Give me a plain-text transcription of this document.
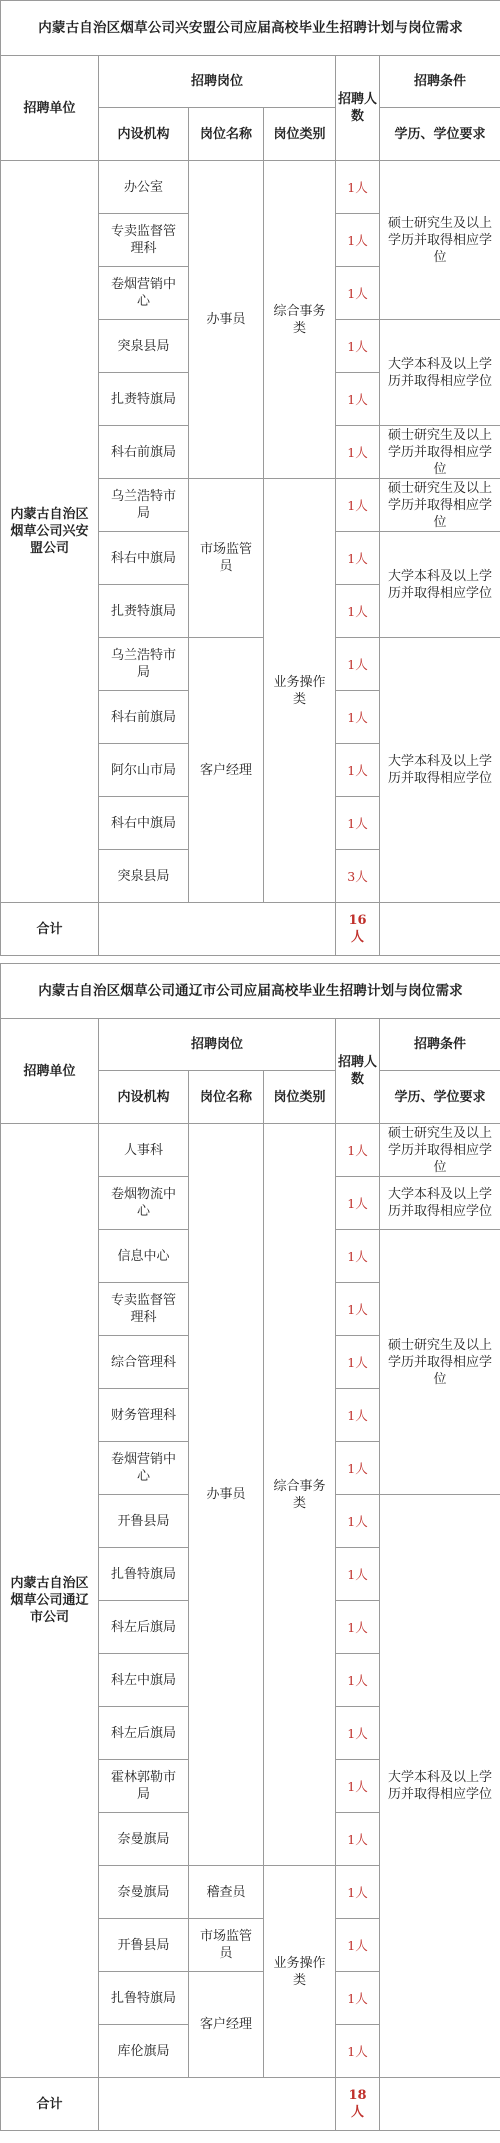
内蒙古自治区烟草公司兴安盟公司应届高校毕业生招聘计划与岗位需求					
招聘单位	招聘岗位			招聘人数	招聘条件
	内设机构	岗位名称	岗位类别		学历、学位要求
内蒙古自治区烟草公司兴安盟公司	办公室	办事员	综合事务类	1人	硕士研究生及以上学历并取得相应学位
	专卖监督管理科			1人	
	卷烟营销中心			1人	
	突泉县局			1人	大学本科及以上学历并取得相应学位
	扎赉特旗局			1人	
	科右前旗局			1人	硕士研究生及以上学历并取得相应学位
	乌兰浩特市局	市场监管员	业务操作类	1人	硕士研究生及以上学历并取得相应学位
	科右中旗局			1人	大学本科及以上学历并取得相应学位
	扎赉特旗局			1人	
	乌兰浩特市局	客户经理		1人	大学本科及以上学历并取得相应学位
	科右前旗局			1人	
	阿尔山市局			1人	
	科右中旗局			1人	
	突泉县局			3人	
合计				16人	
内蒙古自治区烟草公司通辽市公司应届高校毕业生招聘计划与岗位需求					
招聘单位	招聘岗位			招聘人数	招聘条件
	内设机构	岗位名称	岗位类别		学历、学位要求
内蒙古自治区烟草公司通辽市公司	人事科	办事员	综合事务类	1人	硕士研究生及以上学历并取得相应学位
	卷烟物流中心			1人	大学本科及以上学历并取得相应学位
	信息中心			1人	硕士研究生及以上学历并取得相应学位
	专卖监督管理科			1人	
	综合管理科			1人	
	财务管理科			1人	
	卷烟营销中心			1人	
	开鲁县局			1人	大学本科及以上学历并取得相应学位
	扎鲁特旗局			1人	
	科左后旗局			1人	
	科左中旗局			1人	
	科左后旗局			1人	
	霍林郭勒市局			1人	
	奈曼旗局			1人	
	奈曼旗局	稽查员	业务操作类	1人	
	开鲁县局	市场监管员		1人	
	扎鲁特旗局	客户经理		1人	
	库伦旗局			1人	
合计				18人	
